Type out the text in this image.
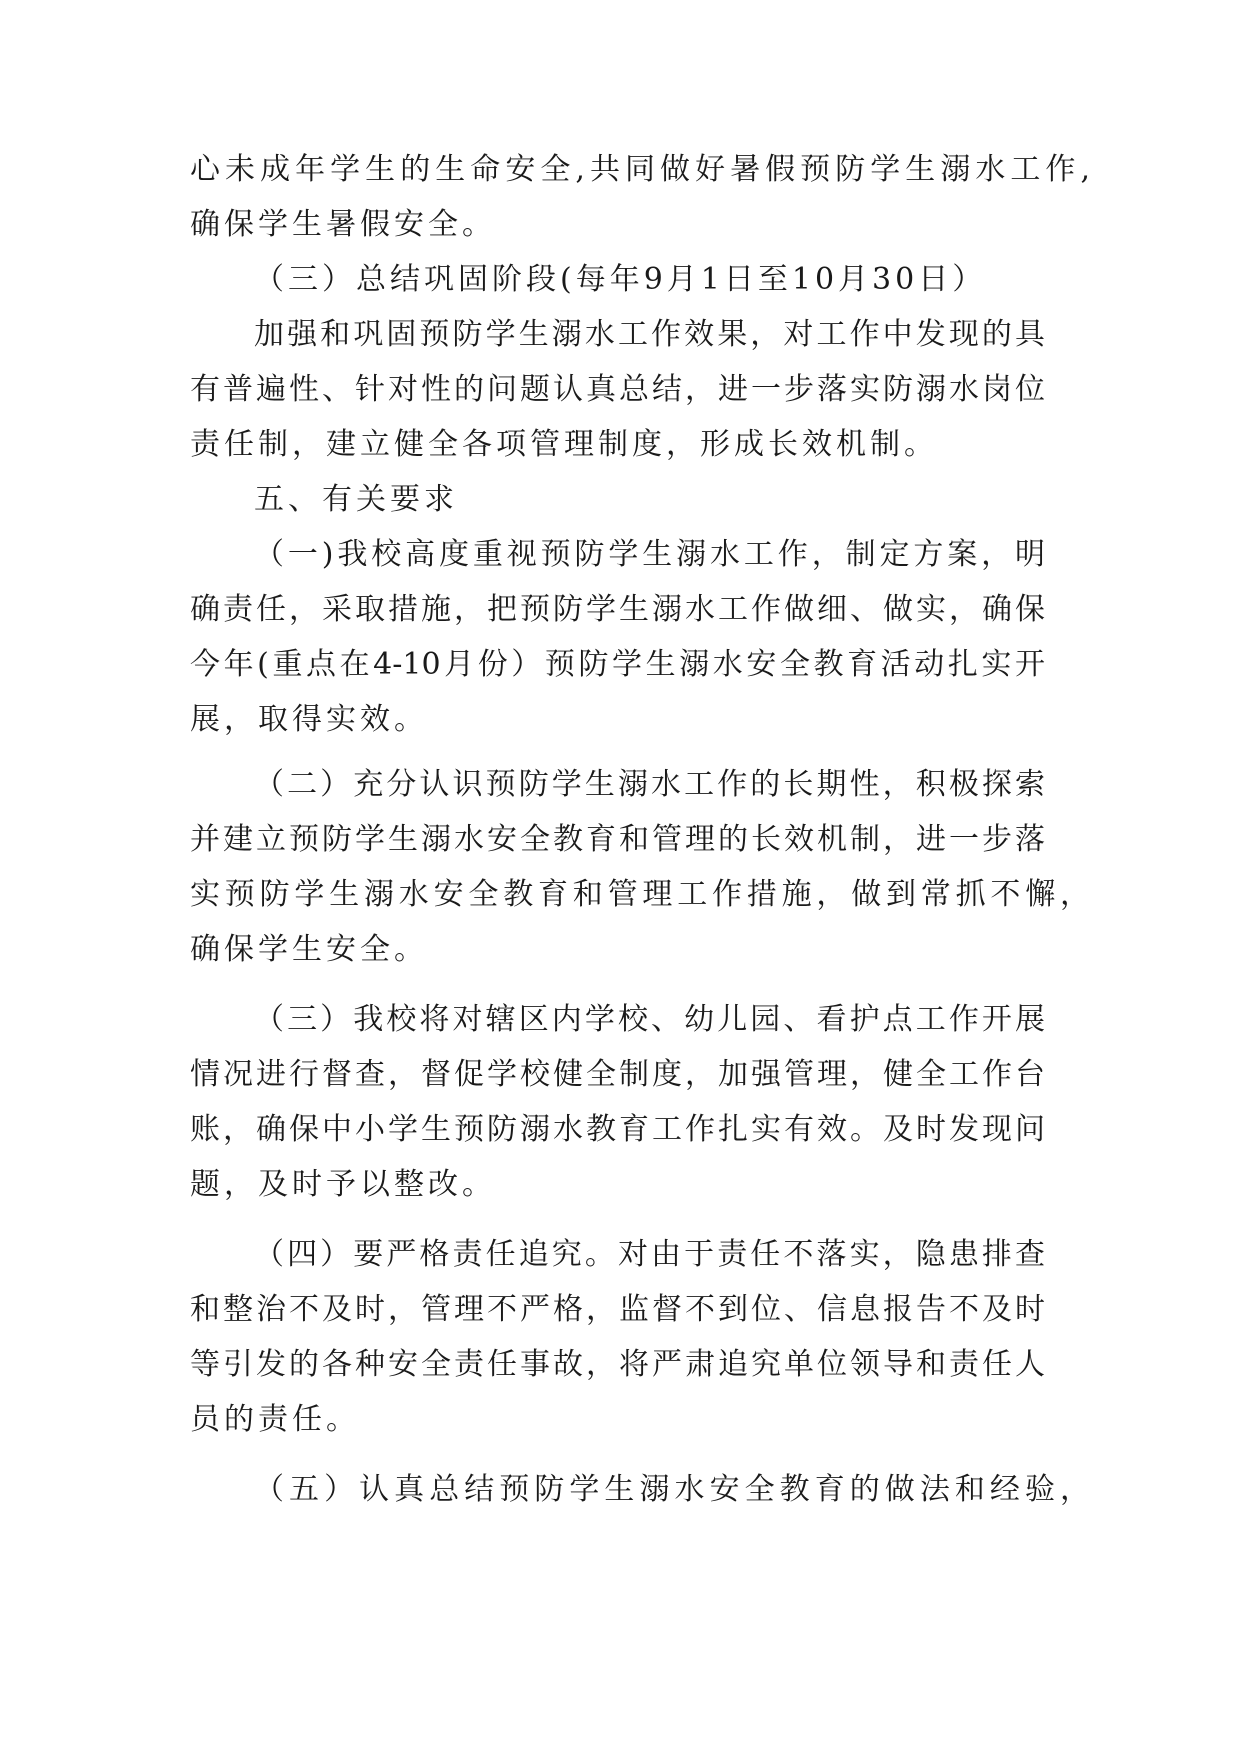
心未成年学生的生命安全,共同做好暑假预防学生溺水工作,
确保学生暑假安全。
（三）总结巩固阶段(每年9月1日至10月30日）
加强和巩固预防学生溺水工作效果，对工作中发现的具
有普遍性、针对性的问题认真总结，进一步落实防溺水岗位
责任制，建立健全各项管理制度，形成长效机制。
五、有关要求
（一)我校高度重视预防学生溺水工作，制定方案，明
确责任，采取措施，把预防学生溺水工作做细、做实，确保
今年(重点在4-10月份）预防学生溺水安全教育活动扎实开
展，取得实效。
（二）充分认识预防学生溺水工作的长期性，积极探索
并建立预防学生溺水安全教育和管理的长效机制，进一步落
实预防学生溺水安全教育和管理工作措施，做到常抓不懈，
确保学生安全。
（三）我校将对辖区内学校、幼儿园、看护点工作开展
情况进行督查，督促学校健全制度，加强管理，健全工作台
账，确保中小学生预防溺水教育工作扎实有效。及时发现问
题，及时予以整改。
（四）要严格责任追究。对由于责任不落实，隐患排查
和整治不及时，管理不严格，监督不到位、信息报告不及时
等引发的各种安全责任事故，将严肃追究单位领导和责任人
员的责任。
（五）认真总结预防学生溺水安全教育的做法和经验，
